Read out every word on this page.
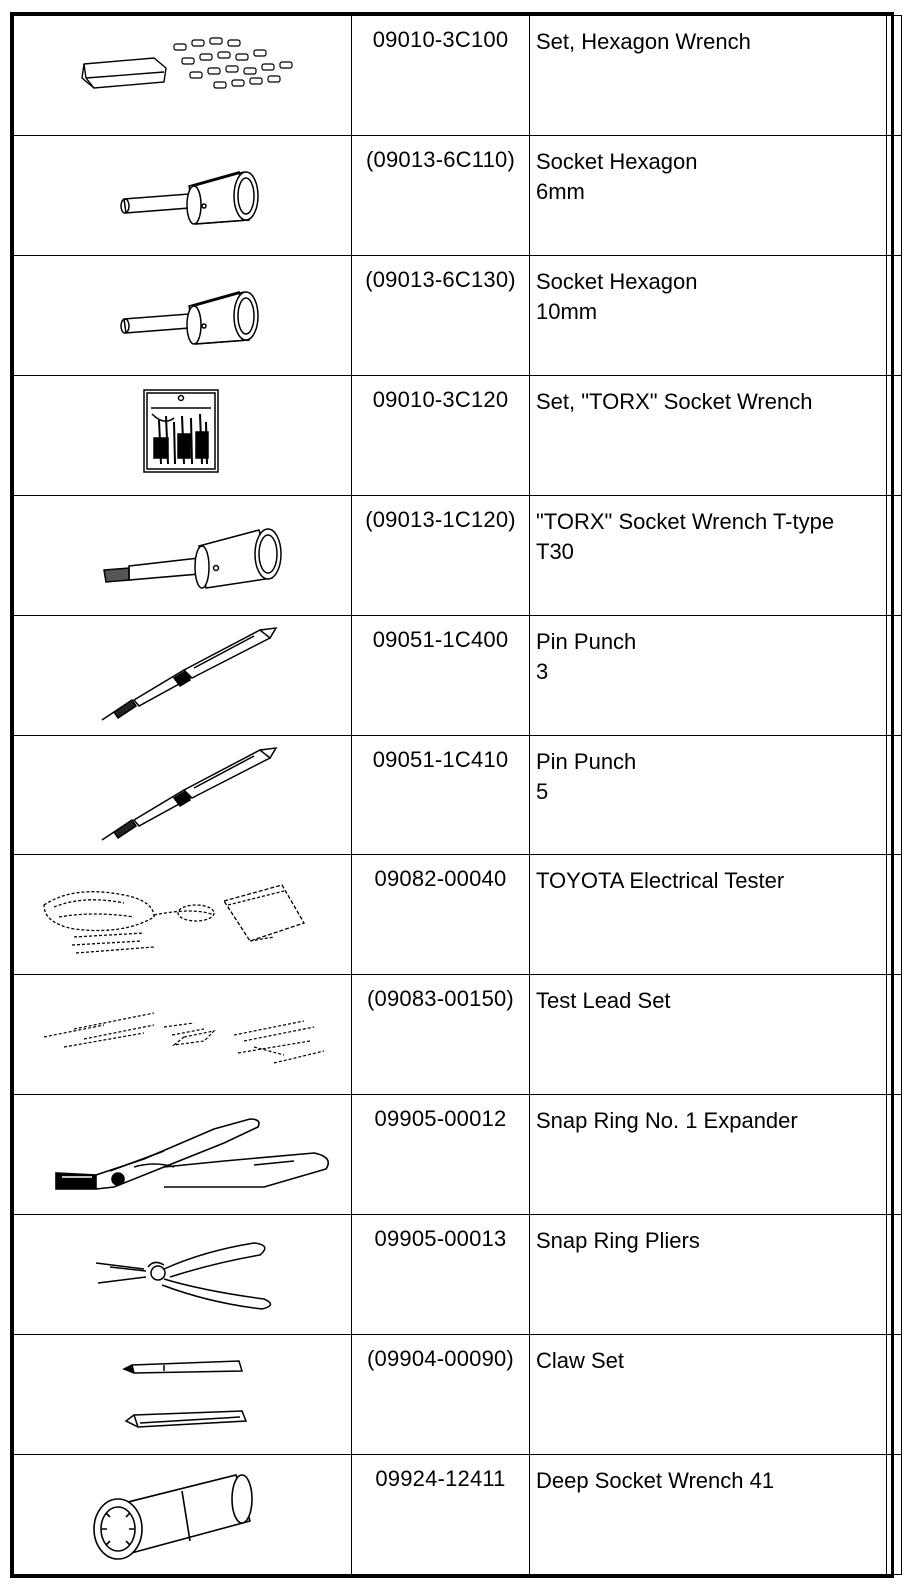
	09010-3C100	Set, Hexagon Wrench	

	(09013-6C110)	Socket Hexagon
6mm	

	(09013-6C130)	Socket Hexagon
10mm	

	09010-3C120	Set, "TORX" Socket Wrench	

	(09013-1C120)	"TORX" Socket Wrench T-type
T30	

	09051-1C400	Pin Punch
3	

	09051-1C410	Pin Punch
5	

	09082-00040	TOYOTA Electrical Tester	

	(09083-00150)	Test Lead Set	

	09905-00012	Snap Ring No. 1 Expander	

	09905-00013	Snap Ring Pliers	

	(09904-00090)	Claw Set	

	09924-12411	Deep Socket Wrench 41	
